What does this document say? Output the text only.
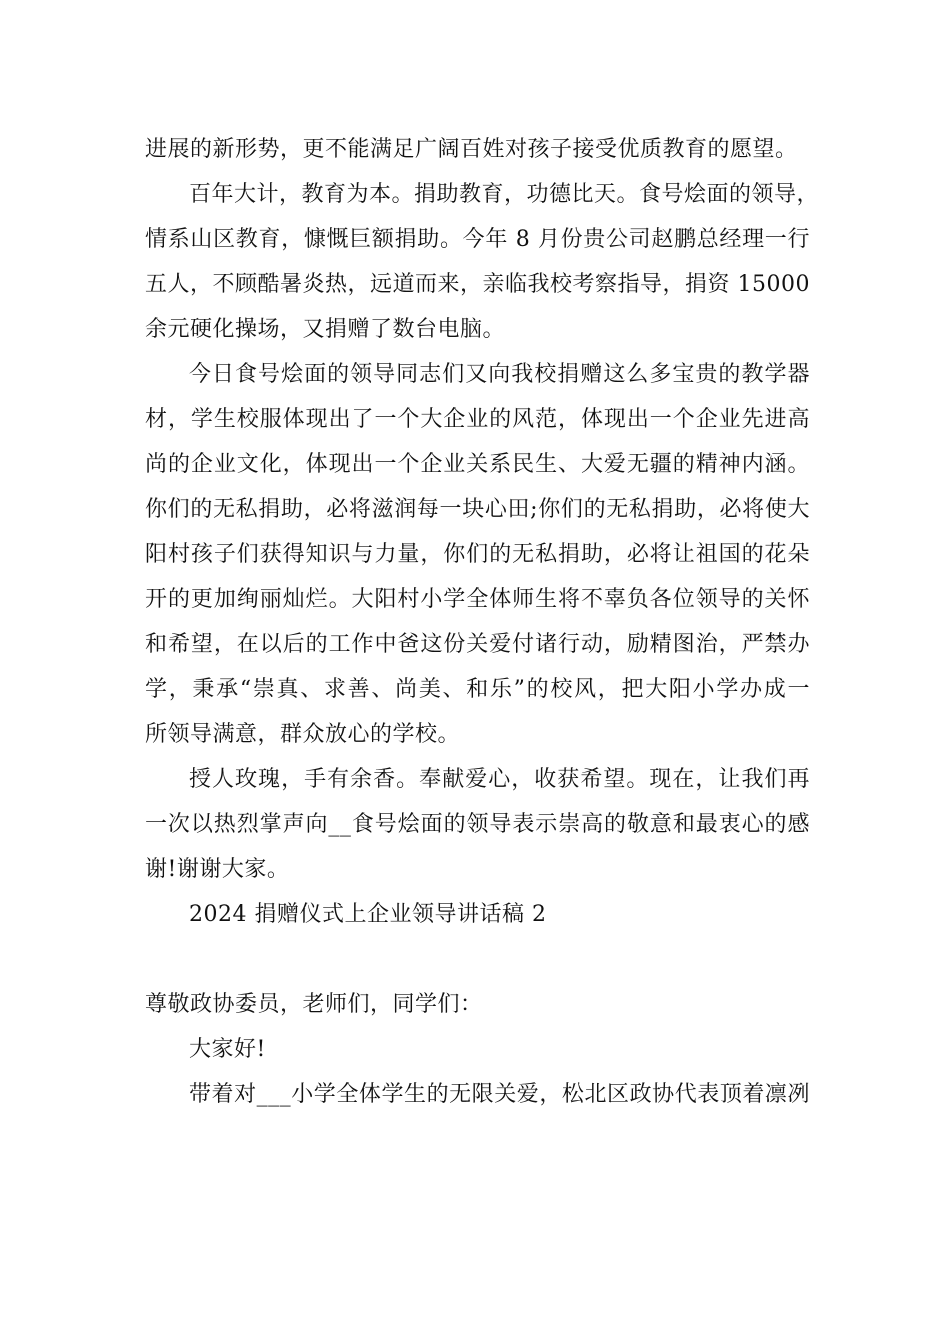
进展的新形势，更不能满足广阔百姓对孩子接受优质教育的愿望。
百年大计，教育为本。捐助教育，功德比天。食号烩面的领导，
情系山区教育，慷慨巨额捐助。今年 8 月份贵公司赵鹏总经理一行
五人，不顾酷暑炎热，远道而来，亲临我校考察指导，捐资 15000
余元硬化操场，又捐赠了数台电脑。
今日食号烩面的领导同志们又向我校捐赠这么多宝贵的教学器
材，学生校服体现出了一个大企业的风范，体现出一个企业先进高
尚的企业文化，体现出一个企业关系民生、大爱无疆的精神内涵。
你们的无私捐助，必将滋润每一块心田;你们的无私捐助，必将使大
阳村孩子们获得知识与力量，你们的无私捐助，必将让祖国的花朵
开的更加绚丽灿烂。大阳村小学全体师生将不辜负各位领导的关怀
和希望，在以后的工作中爸这份关爱付诸行动，励精图治，严禁办
学，秉承“崇真、求善、尚美、和乐”的校风，把大阳小学办成一
所领导满意，群众放心的学校。
授人玫瑰，手有余香。奉献爱心，收获希望。现在，让我们再
一次以热烈掌声向__食号烩面的领导表示崇高的敬意和最衷心的感
谢!谢谢大家。
2024 捐赠仪式上企业领导讲话稿 2
尊敬政协委员，老师们，同学们：
大家好!
带着对___小学全体学生的无限关爱，松北区政协代表顶着凛冽
